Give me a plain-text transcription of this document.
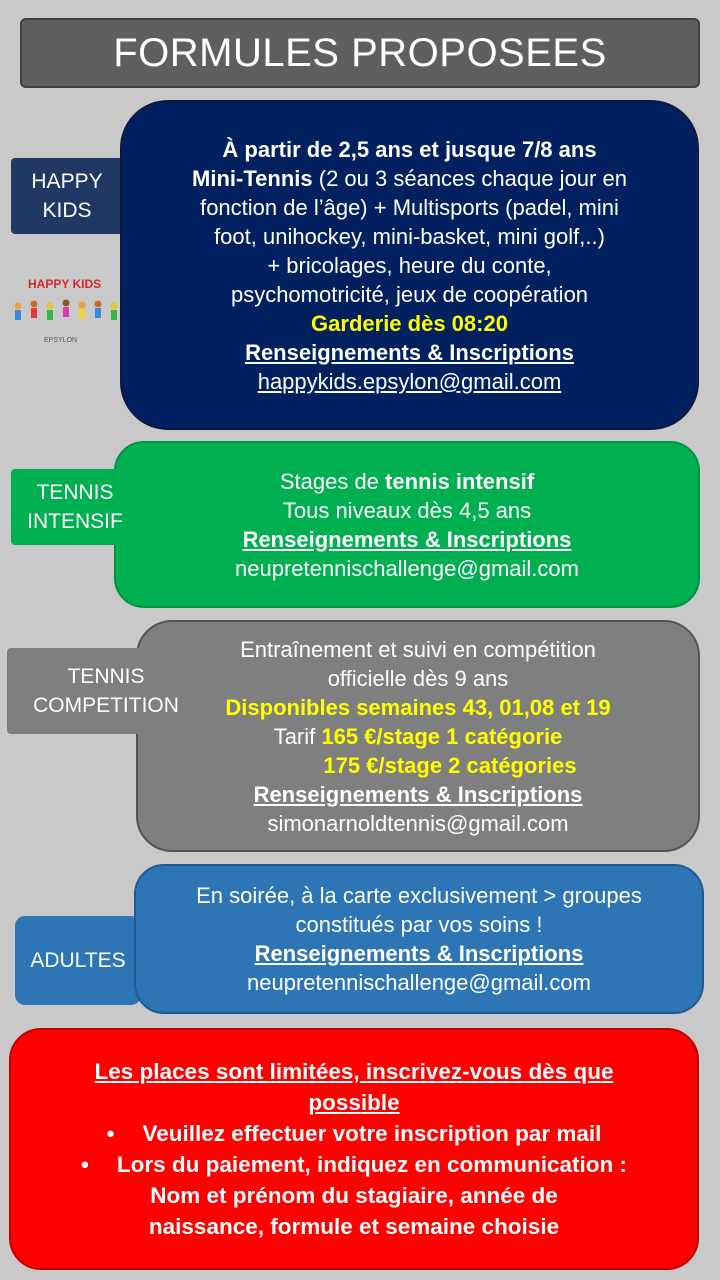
FORMULES PROPOSEES
HAPPY
KIDS
HAPPY KIDS
EPSYLON

À partir de 2,5 ans et jusque 7/8 ans

Mini-Tennis (2 ou 3 séances chaque jour en

fonction de l’âge) + Multisports (padel, mini

foot, unihockey, mini-basket, mini golf,..)

+ bricolages, heure du conte,

psychomotricité, jeux de coopération

Garderie dès 08:20

Renseignements & Inscriptions

happykids.epsylon@gmail.com

Stages de tennis intensif

Tous niveaux dès 4,5 ans

Renseignements & Inscriptions

neupretennischallenge@gmail.com

TENNIS
INTENSIF

Entraînement et suivi en compétition

officielle dès 9 ans

Disponibles semaines 43, 01,08 et 19

Tarif 165 €/stage 1 catégorie

175 €/stage 2 catégories

Renseignements & Inscriptions

simonarnoldtennis@gmail.com

TENNIS
COMPETITION
ADULTES

En soirée, à la carte exclusivement > groupes

constitués par vos soins !

Renseignements & Inscriptions

neupretennischallenge@gmail.com

Les places sont limitées, inscrivez-vous dès que

possible

• Veuillez effectuer votre inscription par mail

• Lors du paiement, indiquez en communication :

Nom et prénom du stagiaire, année de

naissance, formule et semaine choisie
